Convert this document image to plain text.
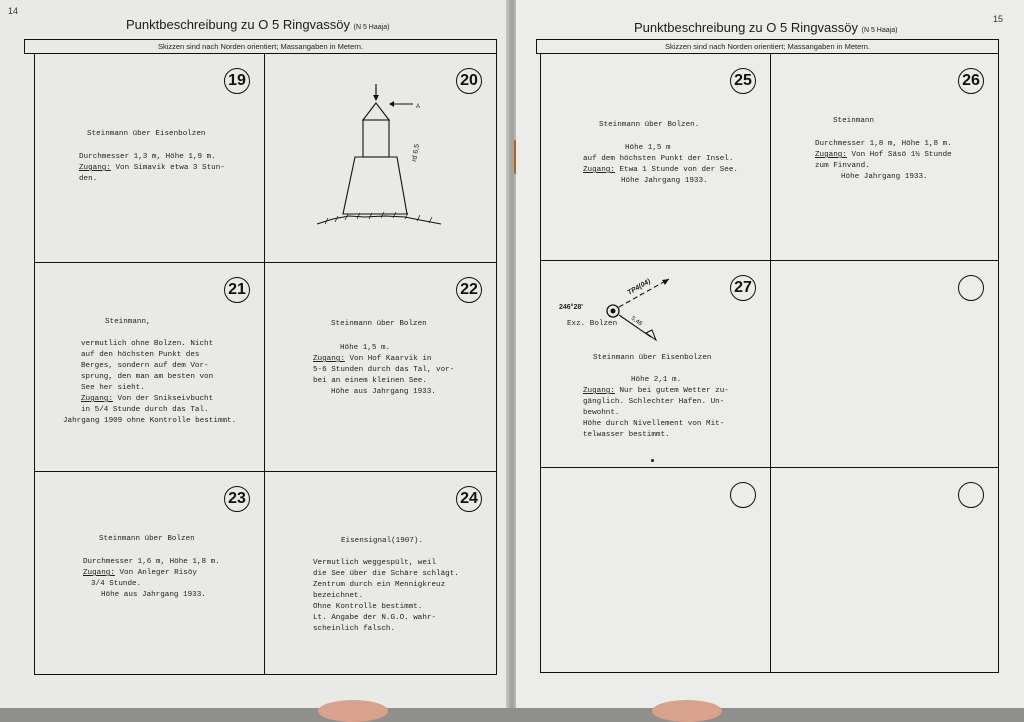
14
Punktbeschreibung zu O 5 Ringvassöy (N 5 Haaja)
Skizzen sind nach Norden orientiert; Massangaben in Metern.
19
Steinmann über Eisenbolzen
Durchmesser 1,3 m, Höhe 1,9 m.
Zugang: Von Simavik etwa 3 Stun-
den.
20
A
rd 6,5
21
Steinmann,
vermutlich ohne Bolzen. Nicht
auf den höchsten Punkt des
Berges, sondern auf dem Vor-
sprung, den man am besten von
See her sieht.
Zugang: Von der Snikseivbucht
in 5/4 Stunde durch das Tal.
Jahrgang 1909 ohne Kontrolle bestimmt.
22
Steinmann über Bolzen
Höhe 1,5 m.
Zugang: Von Hof Kaarvik in
5-6 Stunden durch das Tal, vor-
bei an einem kleinen See.
Höhe aus Jahrgang 1933.
23
Steinmann über Bolzen
Durchmesser 1,6 m, Höhe 1,8 m.
Zugang: Von Anleger Risöy
3/4 Stunde.
Höhe aus Jahrgang 1933.
24
Eisensignal(1907).
Vermutlich weggespült, weil
die See über die Schäre schlägt.
Zentrum durch ein Mennigkreuz
bezeichnet.
Ohne Kontrolle bestimmt.
Lt. Angabe der N.G.O. wahr-
scheinlich falsch.
15
Punktbeschreibung zu O 5 Ringvassöy (N 5 Haaja)
Skizzen sind nach Norden orientiert; Massangaben in Metern.
25
Steinmann über Bolzen.
Höhe 1,5 m
auf dem höchsten Punkt der Insel.
Zugang: Etwa 1 Stunde von der See.
Höhe Jahrgang 1933.
26
Steinmann
Durchmesser 1,8 m, Höhe 1,8 m.
Zugang: Von Hof Säsö 1½ Stunde
zum Finvand.
Höhe Jahrgang 1933.
27
246°28'
TP4(04)
5,48
Exz. Bolzen
Steinmann über Eisenbolzen
Höhe 2,1 m.
Zugang: Nur bei gutem Wetter zu-
gänglich. Schlechter Hafen. Un-
bewohnt.
Höhe durch Nivellement von Mit-
telwasser bestimmt.
